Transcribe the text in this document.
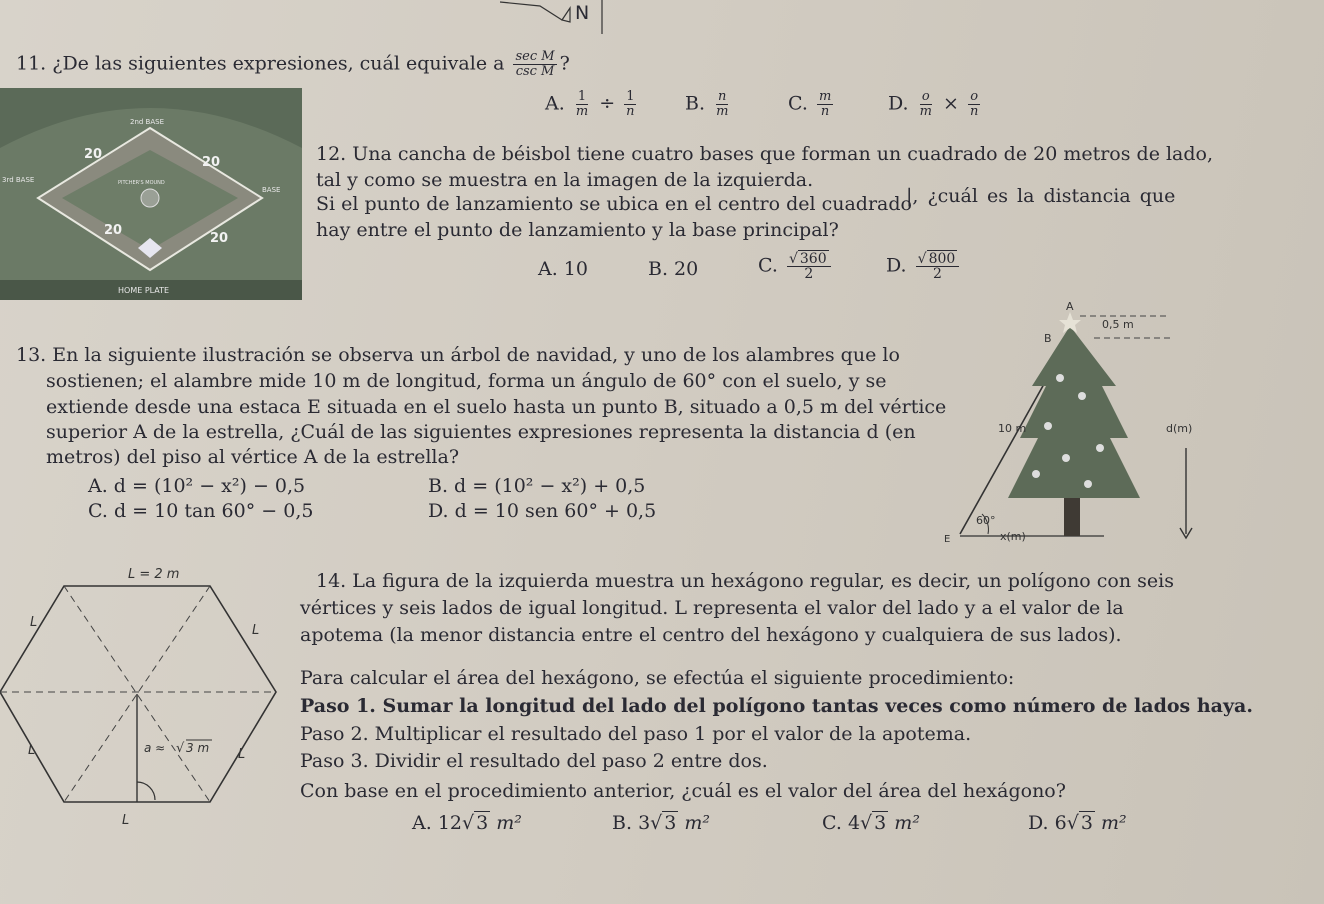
N
11. ¿De las siguientes expresiones, cuál equivale a $\frac{\text{sec M}}{\text{csc M}}$ ?
A. $\frac{1}{m} \div \frac{1}{n}$	B. $\frac{n}{m}$	C. $\frac{m}{n}$	D. $\frac{o}{m} \times \frac{o}{n}$
2nd BASE
3rd BASE
BASE
PITCHER'S MOUND
HOME PLATE
20
20
20
20
12. Una cancha de béisbol tiene cuatro bases que forman un cuadrado de 20 metros de lado,
tal y como se muestra en la imagen de la izquierda.
Si el punto de lanzamiento se ubica en el centro del cuadrado
|, ¿cuál es la distancia que
hay entre el punto de lanzamiento y la base principal?
A. 10	B. 20	C. $\frac{√ 360}{2}$	D. $\frac{√ 800}{2}$
13. En la siguiente ilustración se observa un árbol de navidad, y uno de los alambres que lo
sostienen; el alambre mide 10 m de longitud, forma un ángulo de 60° con el suelo, y se
extiende desde una estaca E situada en el suelo hasta un punto B, situado a 0,5 m del vértice
superior A de la estrella, ¿Cuál de las siguientes expresiones representa la distancia d (en
metros) del piso al vértice A de la estrella?
A. d = (10² − x²) − 0,5	B. d = (10² − x²) + 0,5
C. d = 10 tan 60° − 0,5	D. d = 10 sen 60° + 0,5
A
B
0,5 m
10 m	d(m)
60°
E	x(m)
L = 2 m
L
L
L	L
L
a ≈ √ 3 m
14. La figura de la izquierda muestra un hexágono regular, es decir, un polígono con seis
vértices y seis lados de igual longitud. L representa el valor del lado y a el valor de la
apotema (la menor distancia entre el centro del hexágono y cualquiera de sus lados).
Para calcular el área del hexágono, se efectúa el siguiente procedimiento:
Paso 1. Sumar la longitud del lado del polígono tantas veces como número de lados haya.
Paso 2. Multiplicar el resultado del paso 1 por el valor de la apotema.
Paso 3. Dividir el resultado del paso 2 entre dos.
Con base en el procedimiento anterior, ¿cuál es el valor del área del hexágono?
A. 12√ 3 m²	B. 3√ 3 m²	C. 4√ 3 m²	D. 6√ 3 m²
